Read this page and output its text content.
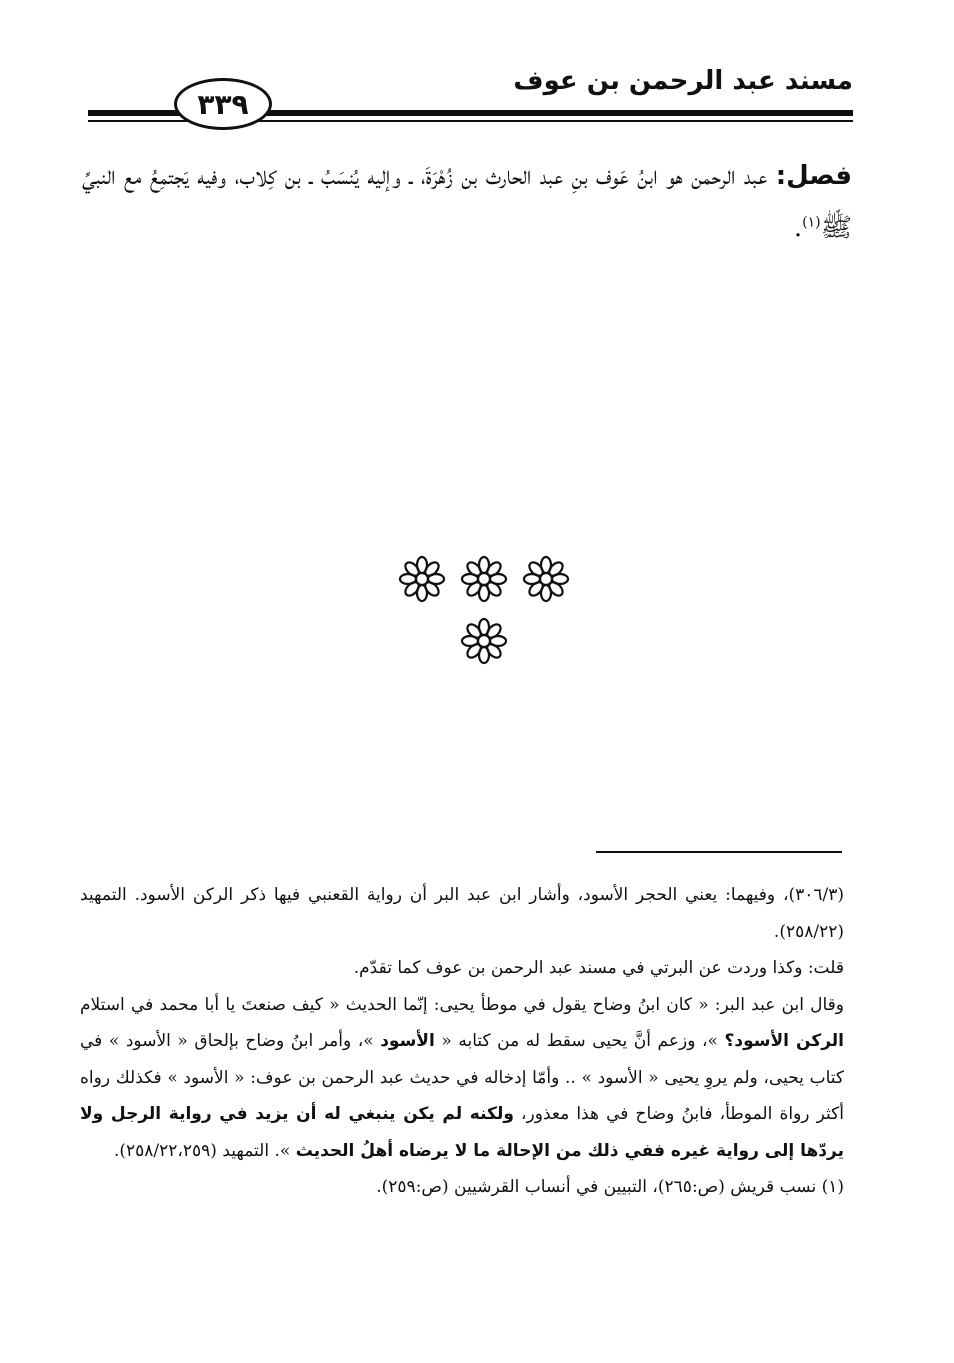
مسند عبد الرحمن بن عوف
٣٣٩
فصل: عبد الرحمن هو ابنُ عَوف بنِ عبد الحارث بن زُهْرَةَ، ـ وإليه يُنسَبُ ـ بن كِلاب، وفيه يَجتمِعُ مع النبيِّ ﷺ$^{(١)}$.

(٣٠٦/٣)، وفيهما: يعني الحجر الأسود، وأشار ابن عبد البر أن رواية القعنبي فيها ذكر الركن الأسود. التمهيد (٢٥٨/٢٢).

قلت: وكذا وردت عن البرتي في مسند عبد الرحمن بن عوف كما تقدّم.

وقال ابن عبد البر: « كان ابنُ وضاح يقول في موطأ يحيى: إنّما الحديث « كيف صنعتَ يا أبا محمد في استلام الركن الأسود؟ »، وزعم أنَّ يحيى سقط له من كتابه « الأسود »، وأمر ابنُ وضاح بإلحاق « الأسود » في كتاب يحيى، ولم يروِ يحيى « الأسود » .. وأمّا إدخاله في حديث عبد الرحمن بن عوف: « الأسود » فكذلك رواه أكثر رواة الموطأ، فابنُ وضاح في هذا معذور، ولكنه لم يكن ينبغي له أن يزيد في رواية الرجل ولا يردّها إلى رواية غيره ففي ذلك من الإحالة ما لا يرضاه أهلُ الحديث ». التمهيد (٢٥٨/٢٢،٢٥٩).

(١) نسب قريش (ص:٢٦٥)، التبيين في أنساب القرشيين (ص:٢٥٩).
